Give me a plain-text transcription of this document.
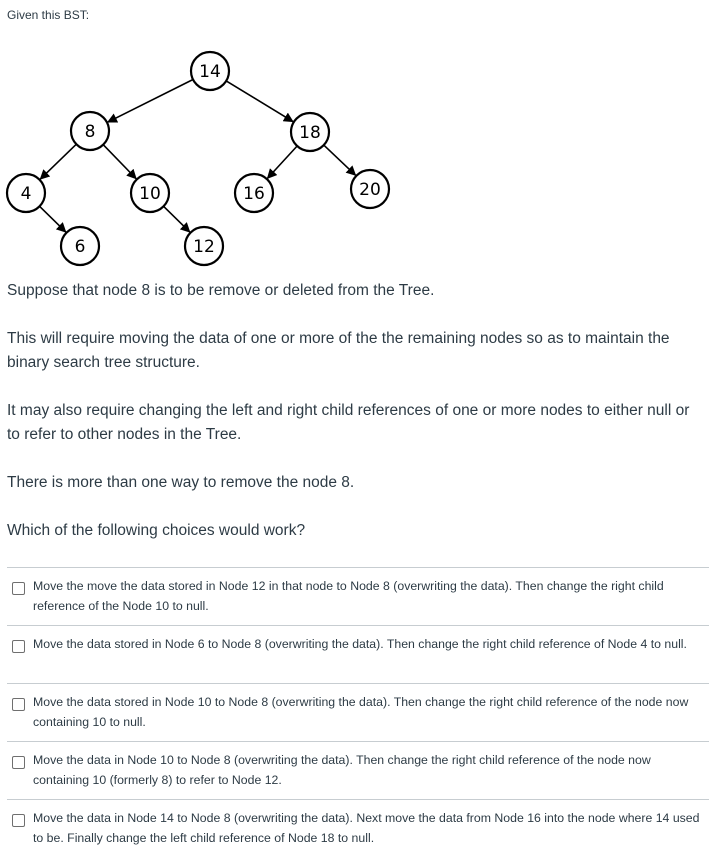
Given this BST:
14
8	18
4	10	16	20
6	12

Suppose that node 8 is to be remove or deleted from the Tree.

This will require moving the data of one or more of the the remaining nodes so as to maintain the binary search tree structure.

It may also require changing the left and right child references of one or more nodes to either null or to refer to other nodes in the Tree.

There is more than one way to remove the node 8.

Which of the following choices would work?

Move the move the data stored in Node 12 in that node to Node 8 (overwriting the data). Then change the right child reference of the Node 10 to null.
Move the data stored in Node 6 to Node 8 (overwriting the data). Then change the right child reference of Node 4 to null.
Move the data stored in Node 10 to Node 8 (overwriting the data). Then change the right child reference of the node now containing 10 to null.
Move the data in Node 10 to Node 8 (overwriting the data). Then change the right child reference of the node now containing 10 (formerly 8) to refer to Node 12.
Move the data in Node 14 to Node 8 (overwriting the data). Next move the data from Node 16 into the node where 14 used to be. Finally change the left child reference of Node 18 to null.
